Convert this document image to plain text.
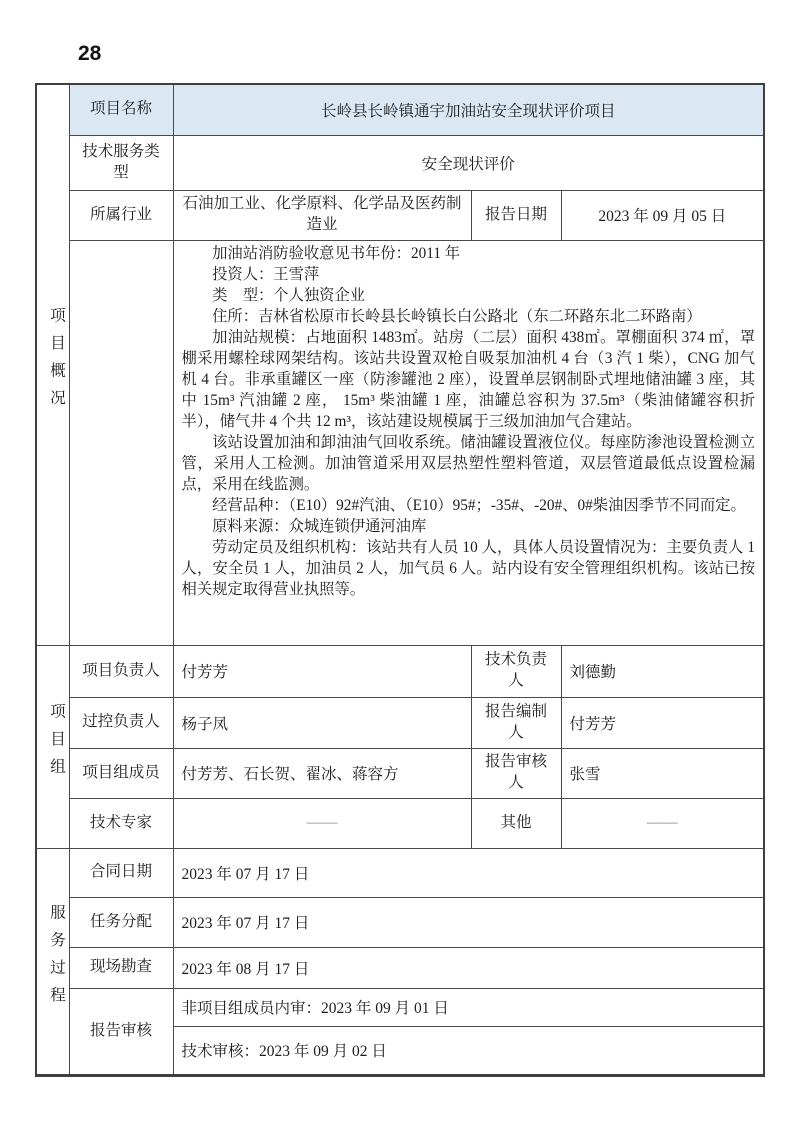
28
项目概况	项目名称	长岭县长岭镇通宇加油站安全现状评价项目		
	技术服务类型	安全现状评价		
	所属行业	石油加工业、化学原料、化学品及医药制造业	报告日期	2023 年 09 月 05 日

加油站消防验收意见书年份：2011 年

投资人：王雪萍

类　型：个人独资企业

住所：吉林省松原市长岭县长岭镇长白公路北（东二环路东北二环路南）

加油站规模：占地面积 1483㎡。站房（二层）面积 438㎡。罩棚面积 374 ㎡，罩棚采用螺栓球网架结构。该站共设置双枪自吸泵加油机 4 台（3 汽 1 柴），CNG 加气机 4 台。非承重罐区一座（防渗罐池 2 座），设置单层钢制卧式埋地储油罐 3 座，其中 15m³ 汽油罐 2 座， 15m³ 柴油罐 1 座，油罐总容积为 37.5m³（柴油储罐容积折半），储气井 4 个共 12 m³，该站建设规模属于三级加油加气合建站。

该站设置加油和卸油油气回收系统。储油罐设置液位仪。每座防渗池设置检测立管，采用人工检测。加油管道采用双层热塑性塑料管道，双层管道最低点设置检漏点，采用在线监测。

经营品种：（E10）92#汽油、（E10）95#；-35#、-20#、0#柴油因季节不同而定。

原料来源：众城连锁伊通河油库

劳动定员及组织机构：该站共有人员 10 人，具体人员设置情况为：主要负责人 1 人，安全员 1 人，加油员 2 人，加气员 6 人。站内设有安全管理组织机构。该站已按相关规定取得营业执照等。

项目组	项目负责人	付芳芳	技术负责人	刘德勤
	过控负责人	杨子凤	报告编制人	付芳芳
	项目组成员	付芳芳、石长贺、翟冰、蒋容方	报告审核人	张雪
	技术专家	——	其他	——
服务过程	合同日期	2023 年 07 月 17 日		
	任务分配	2023 年 07 月 17 日		
	现场勘查	2023 年 08 月 17 日		
	报告审核	非项目组成员内审：2023 年 09 月 01 日		
		技术审核：2023 年 09 月 02 日		
